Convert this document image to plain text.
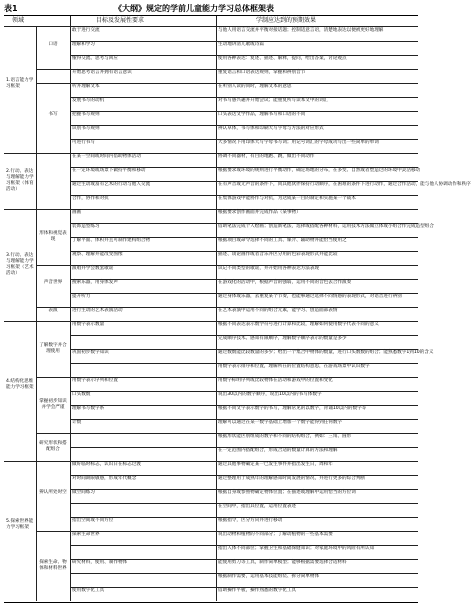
表1	《大纲》规定的学前儿童能力学习总体框架表
领域	目标及发展性要求	学制应达到的预期效果
1.语言能力学习框架
口语
敢于进行交流	与他人用语言交流并平衡对接话题；控制适意言语，清楚地表达以便被更好地理解
理解和学习	生动地讲清儿歌或诗篇
懂得交流、思考与回应	使用各种表达：复述、描述、解释，提问，给出答案，讨论观点
开始思考语言并拥有语言意识	重复语言和口语表达规则，掌握和辨别音节
书写
听并理解文本	在听别人读的同时，理解文本的意思
发展书写的动机	对书写感兴趣并开始尝试；能重复所写读本文中的词汇
把握书写规则	口头表达文学作品，理解书写和口语的不同
识别书写规则	辨认草体，书写体和印刷大写字母与方法的对应形式
可进行书写	大多情况下用印体大写字母书写词；用记号词汇的字母成功写出一些简单的单词
2.行动、表达与理解能力学习框架（体育活动）
在某一空间或时间内借助物体活动	协调不同器材，有目的地跑、跳，做出不同动作
在一定环境或场景下做持平衡和移动	根据要求或环境的规则进行平衡动作，确定场地的分布，在多变、自然或者塑造过的环境中灵活移动
通过生动或富有艺术的行动与他人交流	在有声音或无声音的条件下，同其他伙伴保持行动顺序，在困难的条件下进行动作，通过合作活动，能与他人协调动作和秩序
合作，协作和对抗	在集体游戏中能协作与对抗，为达成某一目的制定和实施某一个战术
3.行动、表达与理解能力学习框架（艺术活动）
形体和视觉表现
画画	根据要求创作画面并完成作品（某事物）
装饰造型练习	借助笔法完成个人绘画；创造新笔法，选择或搭配各种材料，运用技术方法做立体或小组合作完成造型组合
了解平面、体积并且可制作建构组合物	根据项目或命令选择不同的工具、媒介、辅助物并能恰当使用之
观察、理解并能改变图像	描述、谈论画作或者音乐并区分用的色彩表现形式并能比较
声音世界
演唱并学会数套歌谣	识记不同类型的歌谣，并开始用各种表达方法表现
搜索乐器，用身体发声	在游戏化的活动中，根据声音的强弱，运用不同的音色去合作演奏
提升听力	通过身体或乐器，去重复某个节奏，也能够通过选择不同情感的表现形式，对语音进行辨别
表演	进行生动的艺术表演活动	在艺术表演中运用不同的组合元素，能学习、创造面部表情
4.结构化思维能力学习框架
了解数字并合理使用
用数字表示数量	根据不同表达表示数学符号进行计算和比较，理解如何使用数字代表不同的意义
完成顺序技术、感知有限顺序，理解数字顺序表示的数量是多少
巩固初步数字知识	通过数数能比较数量的多少；给出一个集合中物体的数量，进行口头数数的组合；能熟悉数字1到10的含义
用数字表示排序和位置，理解所在的位置结构意思，在游戏场景中认识数字
掌握初步知识并学会严谨
用数字表示序列和位置	用数字标明序列或比较物体在活动和游戏中的位置和变化
口头数数	说出30以内的数字顺序，说出10以内的书写体数字
理解书写数字系	根据不同文字表示数字的书写，理解常见的以数字，背诵10以内的数字等
计数	理解可以通过在某一数字基础上增加一个数字能得到任何数字
研究形状和搭配组合
根据形状能区别组成的数字和不同的结构组合，例如：三角、圆形
在一定范围内搭配组合，形成合适的数量计算的方法和理解
5.探索世界能力学习框架
辨认所处时空
做好临时标志，认识日在标志过渡	通过其他事物确定某一已发生事件并指出发生日，周和年
对时间期限敏感，形成年代概念	通过整理用于成熟年的理解感知时间发展的情况，并进行更多的综合判断
做空间练习	根据自身或参照物确定物体位置；在描述或理解中运用恰当的方位词
在空间中，指出其位置，运用位置表述
指出空间或不同方位	根据指令，区分方向并进行移动
探索生命、物体和材料世界
探索生命世界	说出动物和植物的不同部分；了解动植物的一些基本需要
指出人体不同部位；掌握卫生和基础保健知识；对家庭环境中的风险有所认知
研究材料，使用、制作物体	能使用剪刀等工具，制作简单模型；能够根据需要选择合适材料
根据制作需要，运用基本技能组装、拆分简单物体
使用数字化工具	借助操作平板，操作熟悉的数字化工具
